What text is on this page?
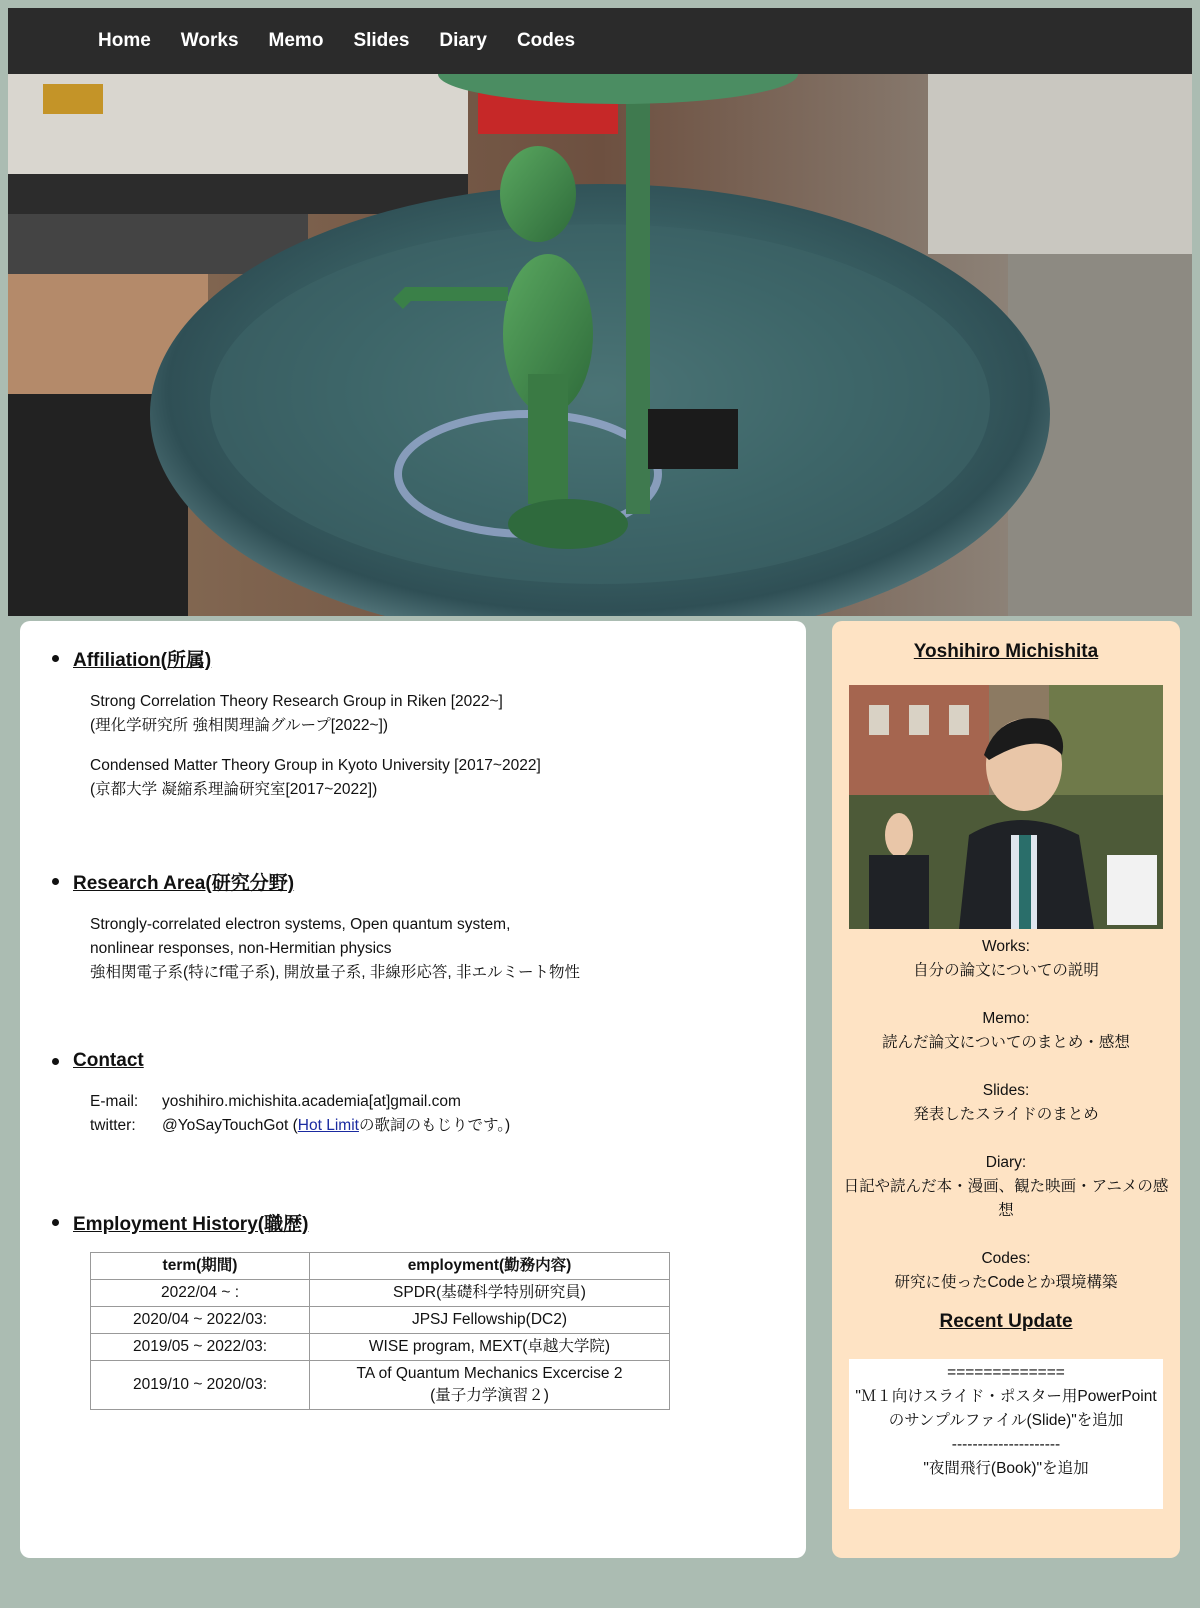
Home Works Memo Slides Diary Codes
Affiliation(所属)

Strong Correlation Theory Research Group in Riken [2022~]

(理化学研究所 強相関理論グループ[2022~])

Condensed Matter Theory Group in Kyoto University [2017~2022]

(京都大学 凝縮系理論研究室[2017~2022])

Research Area(研究分野)

Strongly-correlated electron systems, Open quantum system,

nonlinear responses, non-Hermitian physics

強相関電子系(特にf電子系), 開放量子系, 非線形応答, 非エルミート物性

Contact
E-mail:	yoshihiro.michishita.academia[at]gmail.com
twitter:	@YoSayTouchGot (Hot Limitの歌詞のもじりです。)
Employment History(職歴)
term(期間)	employment(勤務内容)
2022/04 ~ :	SPDR(基礎科学特別研究員)
2020/04 ~ 2022/03:	JPSJ Fellowship(DC2)
2019/05 ~ 2022/03:	WISE program, MEXT(卓越大学院)
2019/10 ~ 2020/03:	TA of Quantum Mechanics Excercise 2
(量子力学演習２)
Yoshihiro Michishita
Works:
自分の論文についての説明
Memo:
読んだ論文についてのまとめ・感想
Slides:
発表したスライドのまとめ
Diary:
日記や読んだ本・漫画、観た映画・アニメの感想
Codes:
研究に使ったCodeとか環境構築
Recent Update
=============
"Ｍ１向けスライド・ポスター用PowerPointのサンプルファイル(Slide)"を追加
---------------------
"夜間飛行(Book)"を追加
